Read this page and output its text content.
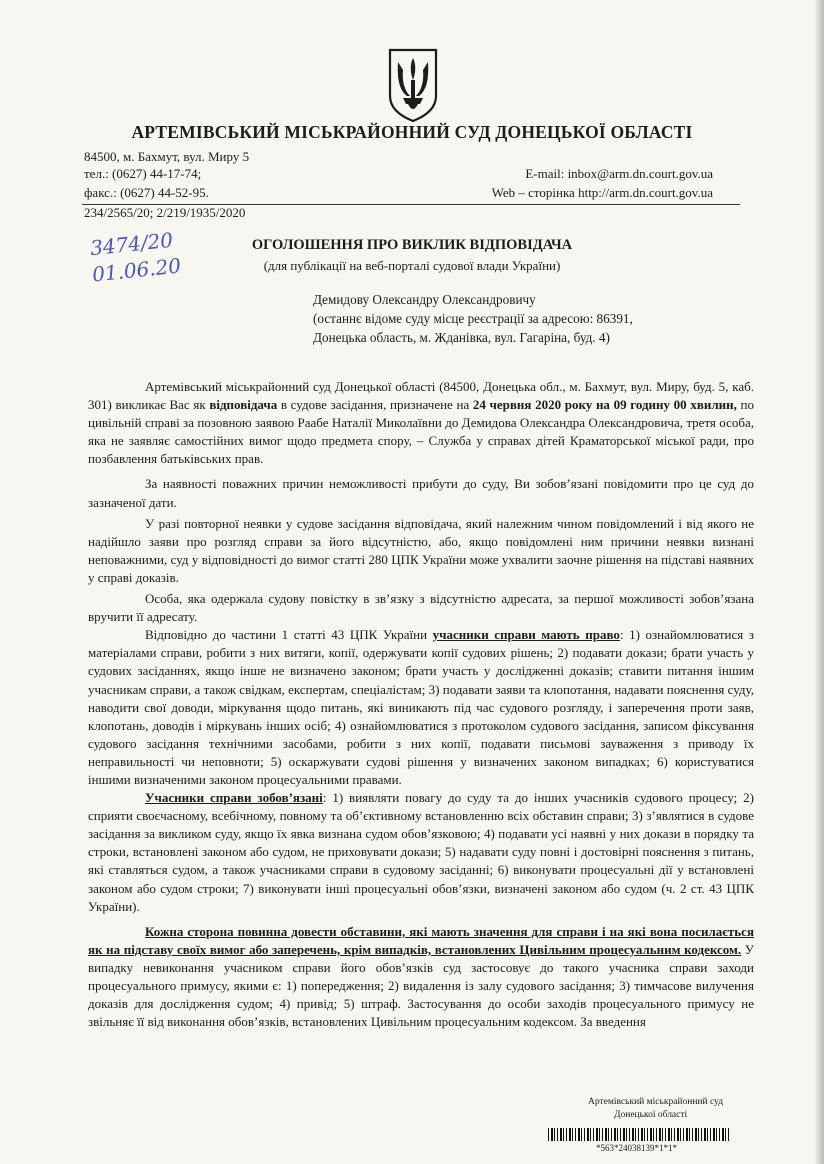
АРТЕМІВСЬКИЙ МІСЬКРАЙОННИЙ СУД ДОНЕЦЬКОЇ ОБЛАСТІ
84500, м. Бахмут, вул. Миру 5
тел.: (0627) 44-17-74;
факс.: (0627) 44-52-95.
E-mail: inbox@arm.dn.court.gov.ua
Web – сторінка http://arm.dn.court.gov.ua
234/2565/20; 2/219/1935/2020
3474/20
01.06.20
ОГОЛОШЕННЯ ПРО ВИКЛИК ВІДПОВІДАЧА
(для публікації на веб-порталі судової влади України)
Демидову Олександру Олександровичу
(останнє відоме суду місце реєстрації за адресою: 86391,
Донецька область, м. Жданівка, вул. Гагаріна, буд. 4)

Артемівський міськрайонний суд Донецької області (84500, Донецька обл., м. Бахмут, вул. Миру, буд. 5, каб. 301) викликає Вас як відповідача в судове засідання, призначене на 24 червня 2020 року на 09 годину 00 хвилин, по цивільній справі за позовною заявою Раабе Наталії Миколаївни до Демидова Олександра Олександровича, третя особа, яка не заявляє самостійних вимог щодо предмета спору, – Служба у справах дітей Краматорської міської ради, про позбавлення батьківських прав.

За наявності поважних причин неможливості прибути до суду, Ви зобов’язані повідомити про це суд до зазначеної дати.

У разі повторної неявки у судове засідання відповідача, який належним чином повідомлений і від якого не надійшло заяви про розгляд справи за його відсутністю, або, якщо повідомлені ним причини неявки визнані неповажними, суд у відповідності до вимог статті 280 ЦПК України може ухвалити заочне рішення на підставі наявних у справі доказів.

Особа, яка одержала судову повістку в зв’язку з відсутністю адресата, за першої можливості зобов’язана вручити її адресату.

Відповідно до частини 1 статті 43 ЦПК України учасники справи мають право: 1) ознайомлюватися з матеріалами справи, робити з них витяги, копії, одержувати копії судових рішень; 2) подавати докази; брати участь у судових засіданнях, якщо інше не визначено законом; брати участь у дослідженні доказів; ставити питання іншим учасникам справи, а також свідкам, експертам, спеціалістам; 3) подавати заяви та клопотання, надавати пояснення суду, наводити свої доводи, міркування щодо питань, які виникають під час судового розгляду, і заперечення проти заяв, клопотань, доводів і міркувань інших осіб; 4) ознайомлюватися з протоколом судового засідання, записом фіксування судового засідання технічними засобами, робити з них копії, подавати письмові зауваження з приводу їх неправильності чи неповноти; 5) оскаржувати судові рішення у визначених законом випадках; 6) користуватися іншими визначеними законом процесуальними правами.

Учасники справи зобов’язані: 1) виявляти повагу до суду та до інших учасників судового процесу; 2) сприяти своєчасному, всебічному, повному та об’єктивному встановленню всіх обставин справи; 3) з’являтися в судове засідання за викликом суду, якщо їх явка визнана судом обов’язковою; 4) подавати усі наявні у них докази в порядку та строки, встановлені законом або судом, не приховувати докази; 5) надавати суду повні і достовірні пояснення з питань, які ставляться судом, а також учасниками справи в судовому засіданні; 6) виконувати процесуальні дії у встановлені законом або судом строки; 7) виконувати інші процесуальні обов’язки, визначені законом або судом (ч. 2 ст. 43 ЦПК України).

Кожна сторона повинна довести обставини, які мають значення для справи і на які вона посилається як на підставу своїх вимог або заперечень, крім випадків, встановлених Цивільним процесуальним кодексом. У випадку невиконання учасником справи його обов’язків суд застосовує до такого учасника справи заходи процесуального примусу, якими є: 1) попередження; 2) видалення із залу судового засідання; 3) тимчасове вилучення доказів для дослідження судом; 4) привід; 5) штраф. Застосування до особи заходів процесуального примусу не звільняє її від виконання обов’язків, встановлених Цивільним процесуальним кодексом. За введення

Артемівський міськрайонний суд
Донецької області
*563*24038139*1*1*
